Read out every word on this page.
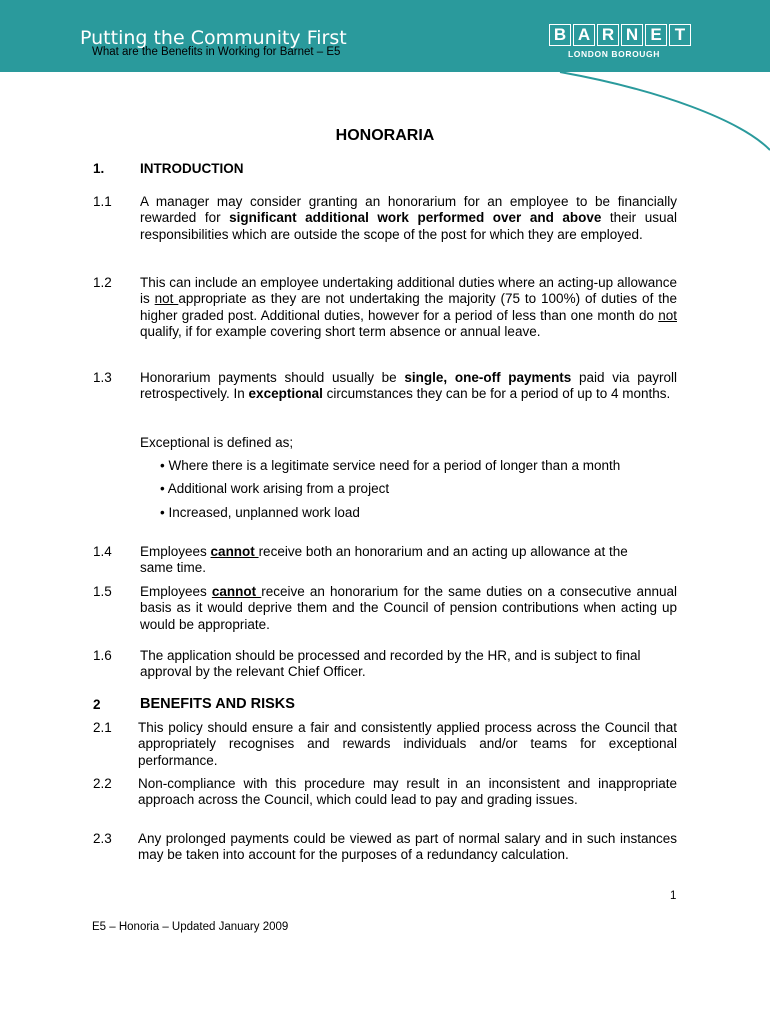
Putting the Community First
What are the Benefits in Working for Barnet – E5
B A R N E T
LONDON BOROUGH
HONORARIA
1.	INTRODUCTION
1.1 A manager may consider granting an honorarium for an employee to be financially rewarded for significant additional work performed over and above their usual responsibilities which are outside the scope of the post for which they are employed.
1.2 This can include an employee undertaking additional duties where an acting-up allowance is not appropriate as they are not undertaking the majority (75 to 100%) of duties of the higher graded post. Additional duties, however for a period of less than one month do not qualify, if for example covering short term absence or annual leave.
1.3 Honorarium payments should usually be single, one-off payments paid via payroll retrospectively. In exceptional circumstances they can be for a period of up to 4 months.
Exceptional is defined as;
• Where there is a legitimate service need for a period of longer than a month
• Additional work arising from a project
• Increased, unplanned work load
1.4 Employees cannot receive both an honorarium and an acting up allowance at the same time.
1.5 Employees cannot receive an honorarium for the same duties on a consecutive annual basis as it would deprive them and the Council of pension contributions when acting up would be appropriate.
1.6 The application should be processed and recorded by the HR, and is subject to final approval by the relevant Chief Officer.
2	BENEFITS AND RISKS
2.1 This policy should ensure a fair and consistently applied process across the Council that appropriately recognises and rewards individuals and/or teams for exceptional performance.
2.2 Non-compliance with this procedure may result in an inconsistent and inappropriate approach across the Council, which could lead to pay and grading issues.
2.3 Any prolonged payments could be viewed as part of normal salary and in such instances may be taken into account for the purposes of a redundancy calculation.
1
E5 – Honoria – Updated January 2009
